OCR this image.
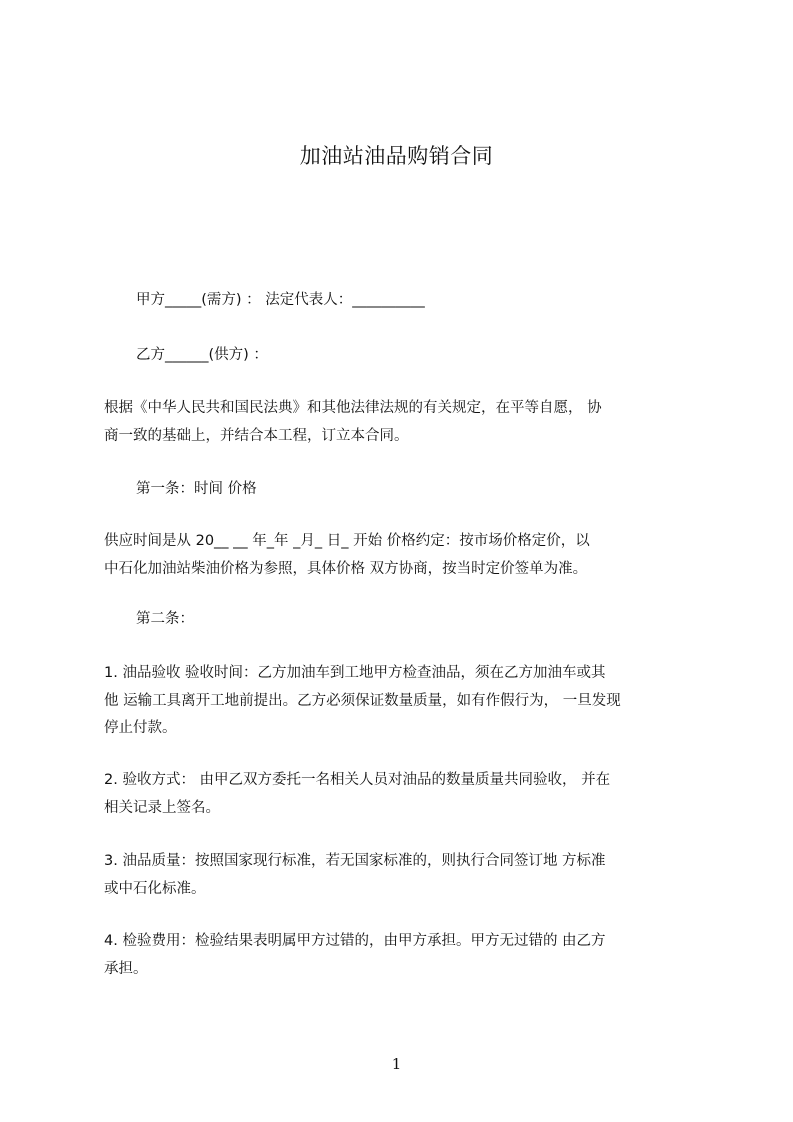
加油站油品购销合同
甲方_____(需方) ： 法定代表人：__________
乙方______(供方) ：
根据《中华人民共和国民法典》和其他法律法规的有关规定，在平等自愿， 协
商一致的基础上，并结合本工程，订立本合同。
第一条：时间 价格
供应时间是从 20__ __ 年_年 _月_ 日_ 开始 价格约定：按市场价格定价，以
中石化加油站柴油价格为参照，具体价格 双方协商，按当时定价签单为准。
第二条：
1. 油品验收 验收时间：乙方加油车到工地甲方检查油品，须在乙方加油车或其
他 运输工具离开工地前提出。乙方必须保证数量质量，如有作假行为， 一旦发现
停止付款。
2. 验收方式： 由甲乙双方委托一名相关人员对油品的数量质量共同验收， 并在
相关记录上签名。
3. 油品质量：按照国家现行标准，若无国家标准的，则执行合同签订地 方标准
或中石化标准。
4. 检验费用：检验结果表明属甲方过错的，由甲方承担。甲方无过错的 由乙方
承担。
1
